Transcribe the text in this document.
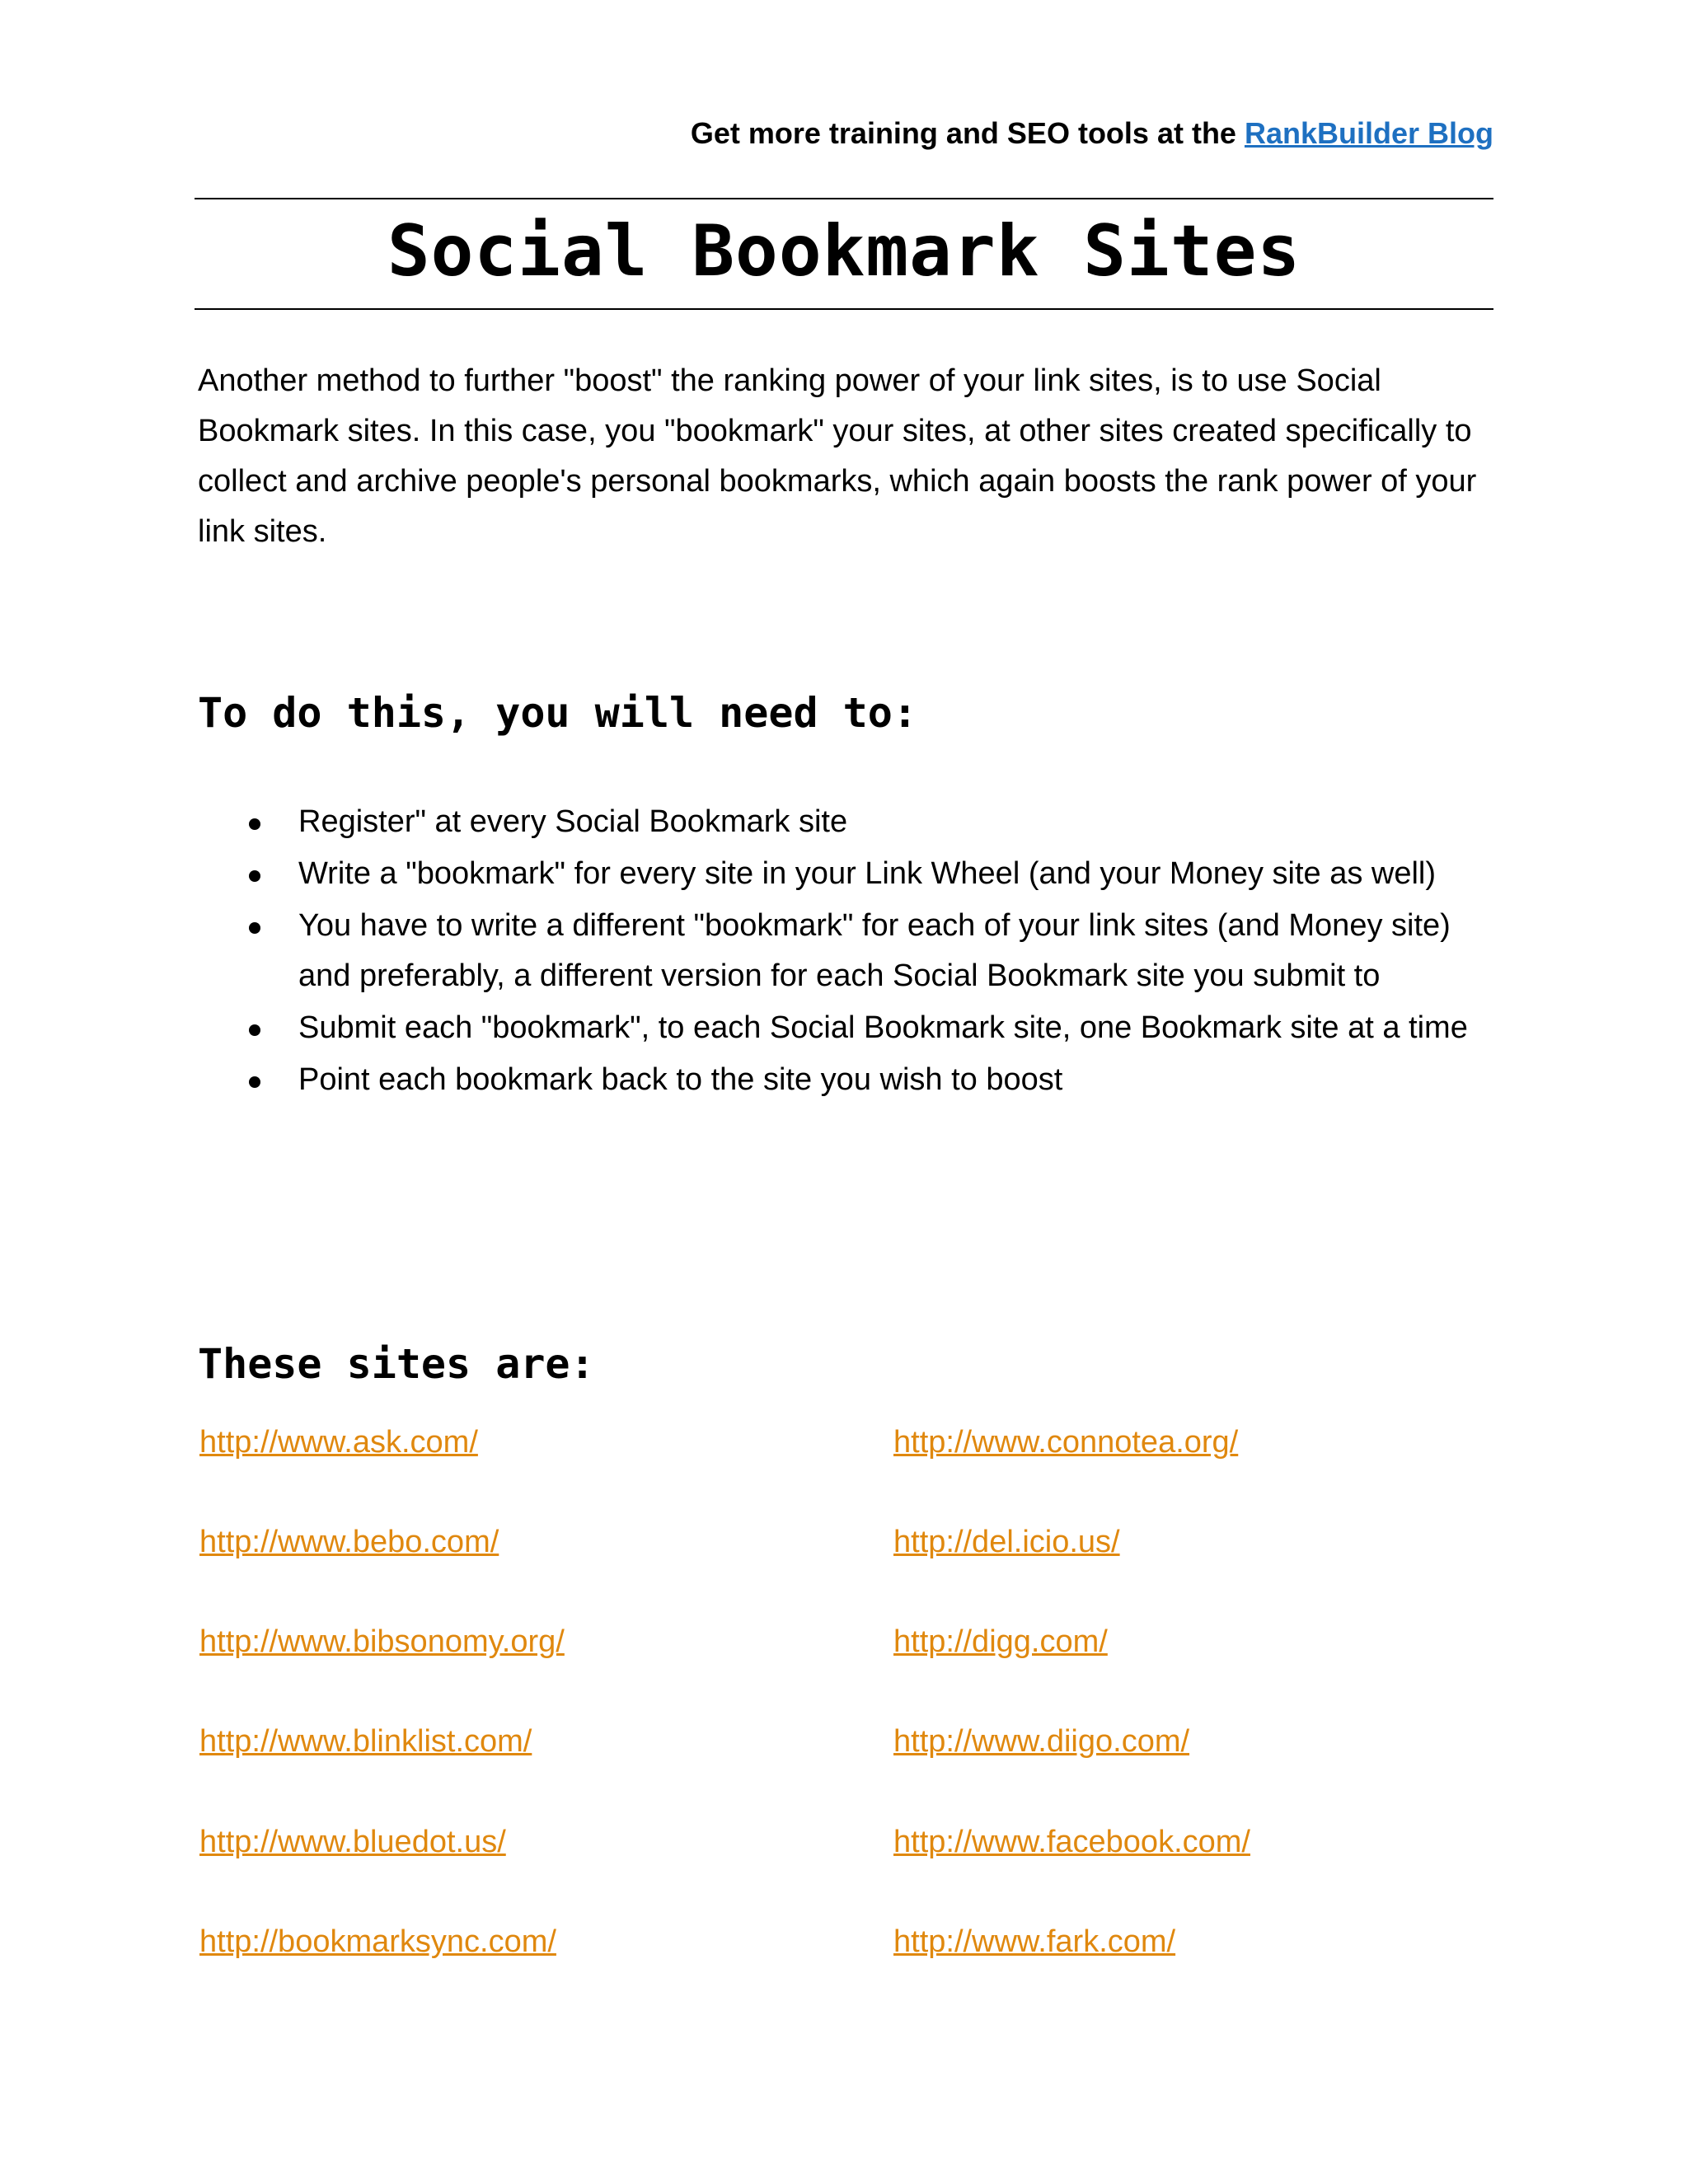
Get more training and SEO tools at the RankBuilder Blog
Social Bookmark Sites

Another method to further "boost" the ranking power of your link sites, is to use Social Bookmark sites. In this case, you "bookmark" your sites, at other sites created specifically to collect and archive people's personal bookmarks, which again boosts the rank power of your link sites.

To do this, you will need to:
Register" at every Social Bookmark site
Write a "bookmark" for every site in your Link Wheel (and your Money site as well)
You have to write a different "bookmark" for each of your link sites (and Money site) and preferably, a different version for each Social Bookmark site you submit to
Submit each "bookmark", to each Social Bookmark site, one Bookmark site at a time
Point each bookmark back to the site you wish to boost
These sites are:
http://www.ask.com/	http://www.connotea.org/
http://www.bebo.com/	http://del.icio.us/
http://www.bibsonomy.org/	http://digg.com/
http://www.blinklist.com/	http://www.diigo.com/
http://www.bluedot.us/	http://www.facebook.com/
http://bookmarksync.com/	http://www.fark.com/
